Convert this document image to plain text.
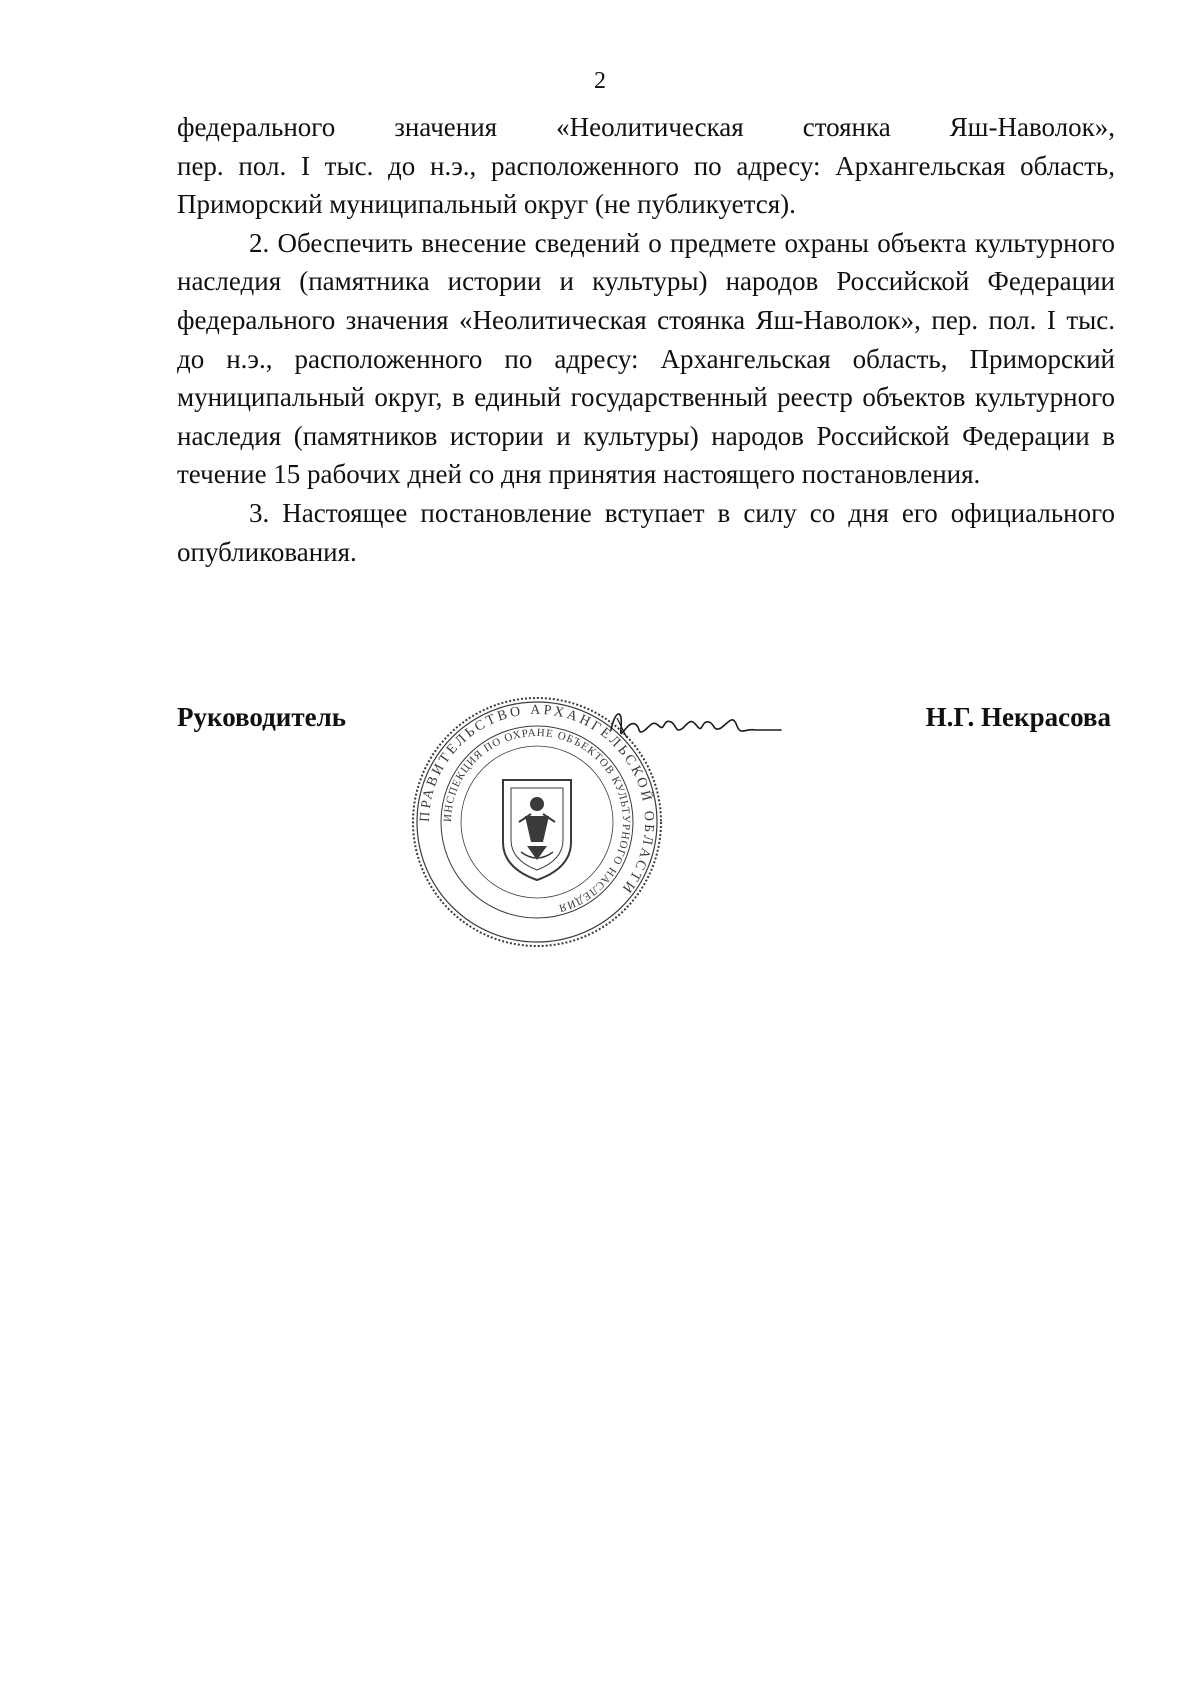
2

федерального значения «Неолитическая стоянка Яш-Наволок»,
пер. пол. I тыс. до н.э., расположенного по адресу: Архангельская область, Приморский муниципальный округ (не публикуется).

2. Обеспечить внесение сведений о предмете охраны объекта культурного наследия (памятника истории и культуры) народов Российской Федерации федерального значения «Неолитическая стоянка Яш-Наволок», пер. пол. I тыс. до н.э., расположенного по адресу: Архангельская область, Приморский муниципальный округ, в единый государственный реестр объектов культурного наследия (памятников истории и культуры) народов Российской Федерации в течение 15 рабочих дней со дня принятия настоящего постановления.

3. Настоящее постановление вступает в силу со дня его официального опубликования.

Руководитель
ПРАВИТЕЛЬСТВО АРХАНГЕЛЬСКОЙ ОБЛАСТИ
ИНСПЕКЦИЯ ПО ОХРАНЕ ОБЪЕКТОВ КУЛЬТУРНОГО НАСЛЕДИЯ
Н.Г. Некрасова
